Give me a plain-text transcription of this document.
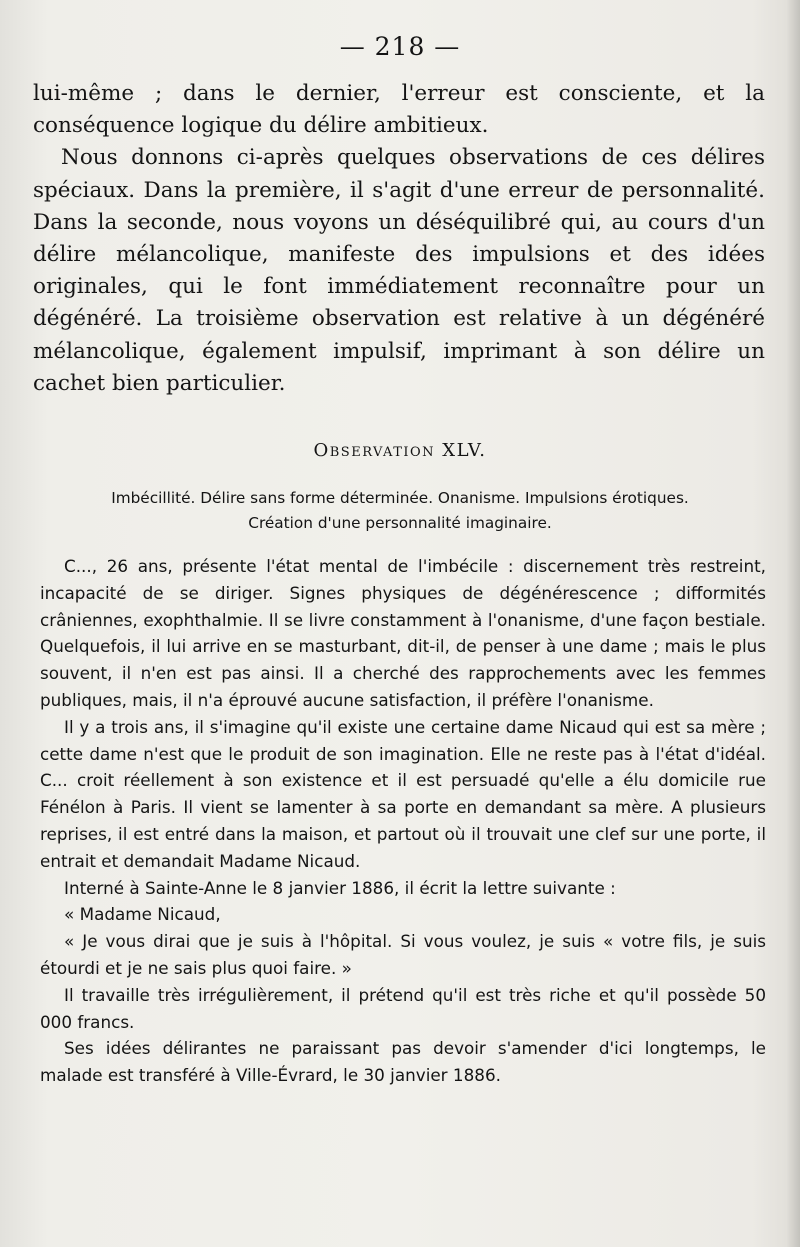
— 218 —

lui-même ; dans le dernier, l'erreur est consciente, et la conséquence logique du délire ambitieux.

Nous donnons ci-après quelques observations de ces délires spéciaux. Dans la première, il s'agit d'une erreur de personnalité. Dans la seconde, nous voyons un déséquilibré qui, au cours d'un délire mélancolique, manifeste des impulsions et des idées originales, qui le font immédiatement reconnaître pour un dégénéré. La troisième observation est relative à un dégénéré mélancolique, également impulsif, imprimant à son délire un cachet bien particulier.

Observation XLV.
Imbécillité. Délire sans forme déterminée. Onanisme. Impulsions érotiques.
Création d'une personnalité imaginaire.

C..., 26 ans, présente l'état mental de l'imbécile : discernement très restreint, incapacité de se diriger. Signes physiques de dégénérescence ; difformités crâniennes, exophthalmie. Il se livre constamment à l'onanisme, d'une façon bestiale. Quelquefois, il lui arrive en se masturbant, dit-il, de penser à une dame ; mais le plus souvent, il n'en est pas ainsi. Il a cherché des rapprochements avec les femmes publiques, mais, il n'a éprouvé aucune satisfaction, il préfère l'onanisme.

Il y a trois ans, il s'imagine qu'il existe une certaine dame Nicaud qui est sa mère ; cette dame n'est que le produit de son imagination. Elle ne reste pas à l'état d'idéal. C... croit réellement à son existence et il est persuadé qu'elle a élu domicile rue Fénélon à Paris. Il vient se lamenter à sa porte en demandant sa mère. A plusieurs reprises, il est entré dans la maison, et partout où il trouvait une clef sur une porte, il entrait et demandait Madame Nicaud.

Interné à Sainte-Anne le 8 janvier 1886, il écrit la lettre suivante :

« Madame Nicaud,

« Je vous dirai que je suis à l'hôpital. Si vous voulez, je suis « votre fils, je suis étourdi et je ne sais plus quoi faire. »

Il travaille très irrégulièrement, il prétend qu'il est très riche et qu'il possède 50 000 francs.

Ses idées délirantes ne paraissant pas devoir s'amender d'ici longtemps, le malade est transféré à Ville-Évrard, le 30 janvier 1886.
